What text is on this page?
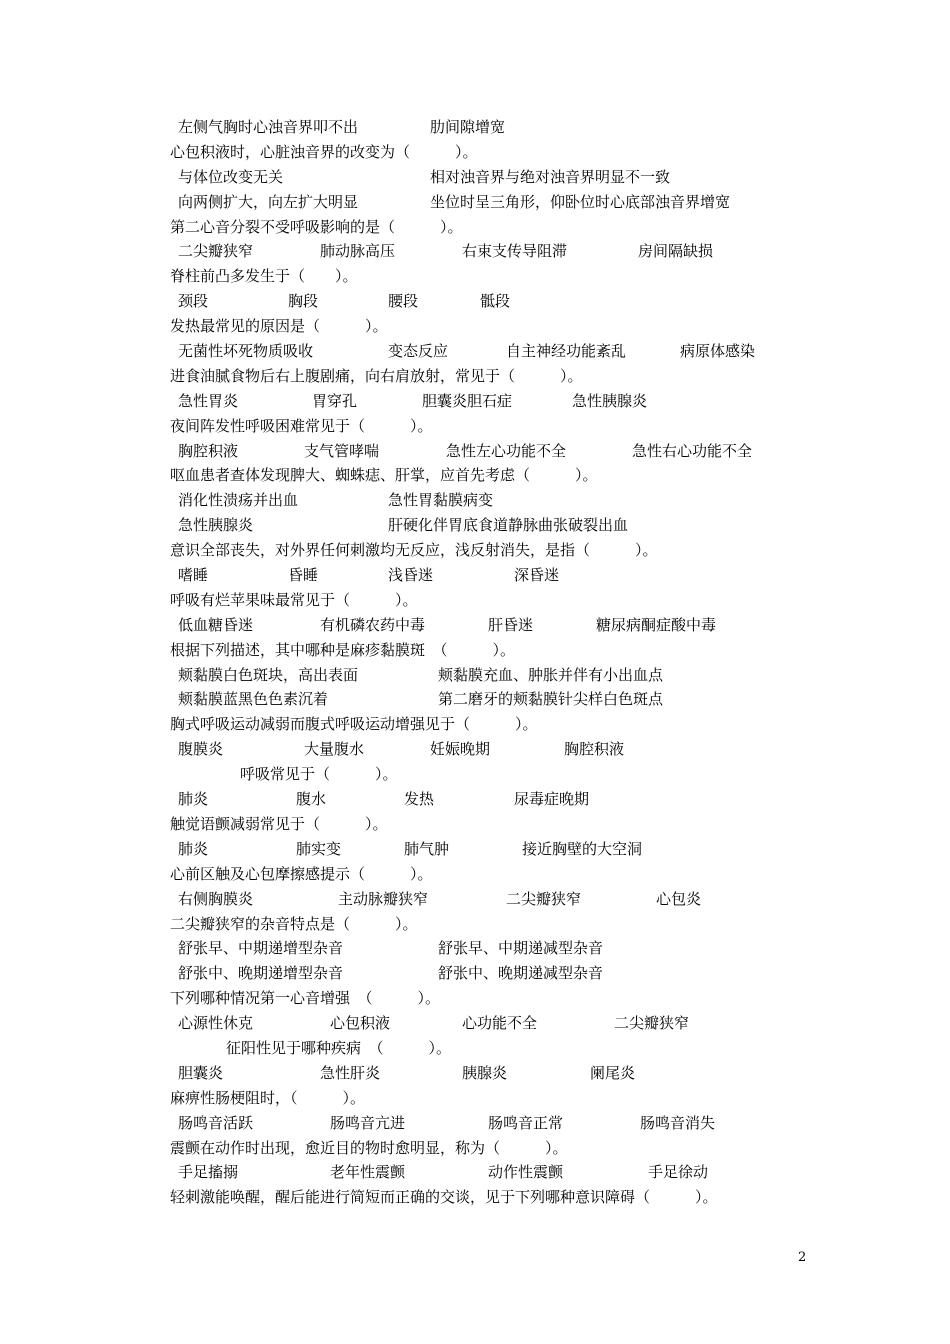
左侧气胸时心浊音界叩不出	肋间隙增宽
心包积液时，心脏浊音界的改变为（　　　）。
与体位改变无关	相对浊音界与绝对浊音界明显不一致
向两侧扩大，向左扩大明显	坐位时呈三角形，仰卧位时心底部浊音界增宽
第二心音分裂不受呼吸影响的是（　　　）。
二尖瓣狭窄	肺动脉高压	右束支传导阻滞	房间隔缺损
脊柱前凸多发生于（　　）。
颈段	胸段	腰段	骶段
发热最常见的原因是（　　　）。
无菌性坏死物质吸收	变态反应	自主神经功能紊乱	病原体感染
进食油腻食物后右上腹剧痛，向右肩放射，常见于（　　　）。
急性胃炎	胃穿孔	胆囊炎胆石症	急性胰腺炎
夜间阵发性呼吸困难常见于（　　　）。
胸腔积液	支气管哮喘	急性左心功能不全	急性右心功能不全
呕血患者查体发现脾大、蜘蛛痣、肝掌，应首先考虑（　　　）。
消化性溃疡并出血	急性胃黏膜病变
急性胰腺炎	肝硬化伴胃底食道静脉曲张破裂出血
意识全部丧失，对外界任何刺激均无反应，浅反射消失，是指（　　　）。
嗜睡	昏睡	浅昏迷	深昏迷
呼吸有烂苹果味最常见于（　　　）。
低血糖昏迷	有机磷农药中毒	肝昏迷	糖尿病酮症酸中毒
根据下列描述，其中哪种是麻疹黏膜斑　（　　　）。
颊黏膜白色斑块，高出表面	颊黏膜充血、肿胀并伴有小出血点
颊黏膜蓝黑色色素沉着	第二磨牙的颊黏膜针尖样白色斑点
胸式呼吸运动减弱而腹式呼吸运动增强见于（　　　）。
腹膜炎	大量腹水	妊娠晚期	胸腔积液
呼吸常见于（　　　）。
肺炎	腹水	发热	尿毒症晚期
触觉语颤减弱常见于（　　　）。
肺炎	肺实变	肺气肿	接近胸壁的大空洞
心前区触及心包摩擦感提示（　　　）。
右侧胸膜炎	主动脉瓣狭窄	二尖瓣狭窄	心包炎
二尖瓣狭窄的杂音特点是（　　　）。
舒张早、中期递增型杂音	舒张早、中期递减型杂音
舒张中、晚期递增型杂音	舒张中、晚期递减型杂音
下列哪种情况第一心音增强　（　　　）。
心源性休克	心包积液	心功能不全	二尖瓣狭窄
征阳性见于哪种疾病　（　　　）。
胆囊炎	急性肝炎	胰腺炎	阑尾炎
麻痹性肠梗阻时，（　　　）。
肠鸣音活跃	肠鸣音亢进	肠鸣音正常	肠鸣音消失
震颤在动作时出现，愈近目的物时愈明显，称为（　　　）。
手足搐搦	老年性震颤	动作性震颤	手足徐动
轻刺激能唤醒，醒后能进行简短而正确的交谈，见于下列哪种意识障碍（　　　）。
2
